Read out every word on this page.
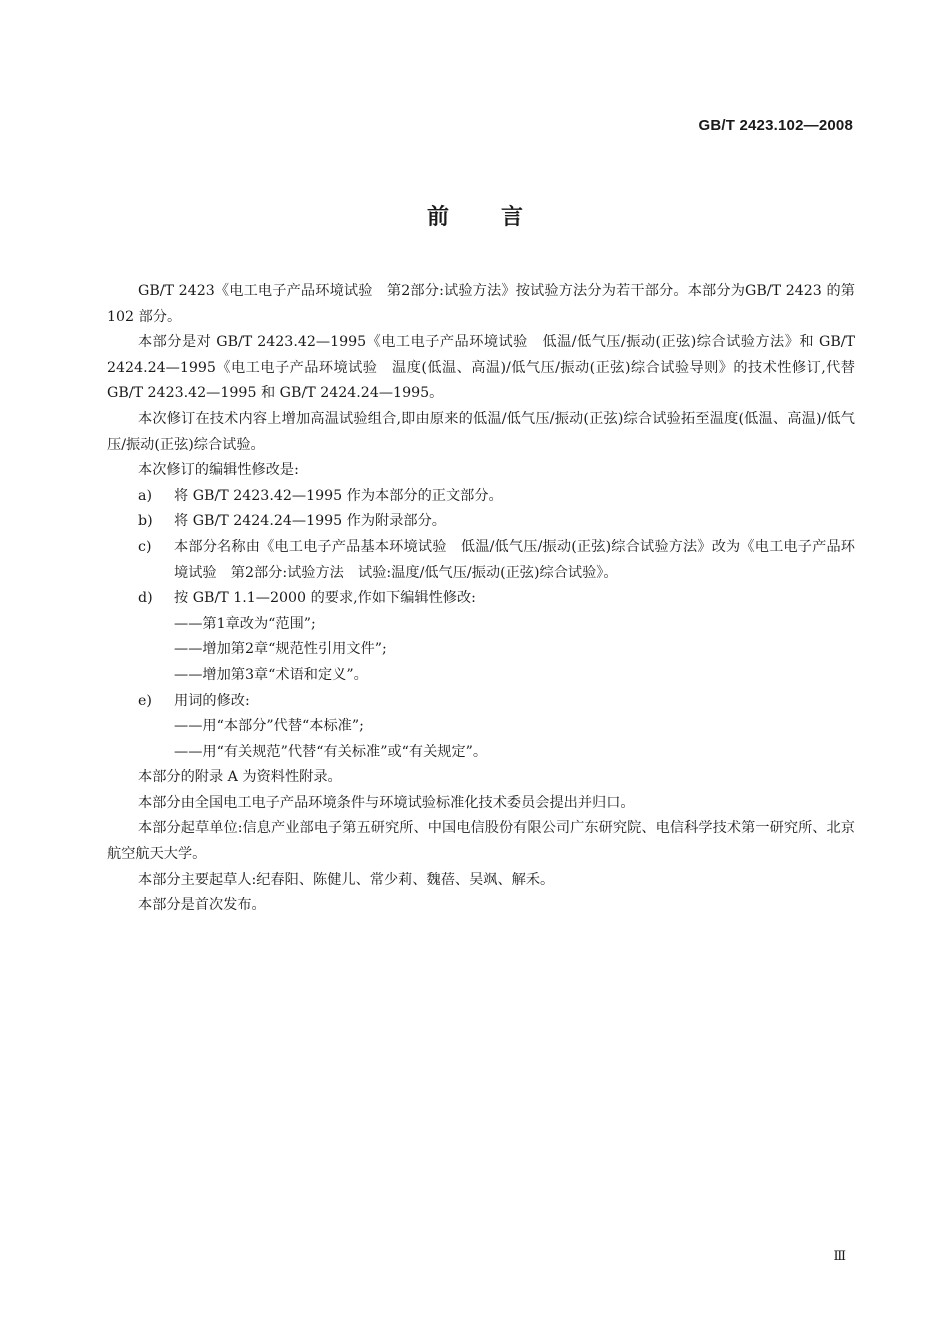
GB/T 2423.102—2008
前 言

GB/T 2423《电工电子产品环境试验　第2部分:试验方法》按试验方法分为若干部分。本部分为GB/T 2423 的第102 部分。

本部分是对 GB/T 2423.42—1995《电工电子产品环境试验　低温/低气压/振动(正弦)综合试验方法》和 GB/T 2424.24—1995《电工电子产品环境试验　温度(低温、高温)/低气压/振动(正弦)综合试验导则》的技术性修订,代替 GB/T 2423.42—1995 和 GB/T 2424.24—1995。

本次修订在技术内容上增加高温试验组合,即由原来的低温/低气压/振动(正弦)综合试验拓至温度(低温、高温)/低气压/振动(正弦)综合试验。

本次修订的编辑性修改是:

a) 将 GB/T 2423.42—1995 作为本部分的正文部分。
b) 将 GB/T 2424.24—1995 作为附录部分。
c) 本部分名称由《电工电子产品基本环境试验　低温/低气压/振动(正弦)综合试验方法》改为《电工电子产品环境试验　第2部分:试验方法　试验:温度/低气压/振动(正弦)综合试验》。
d) 按 GB/T 1.1—2000 的要求,作如下编辑性修改:

——第1章改为“范围”;

——增加第2章“规范性引用文件”;

——增加第3章“术语和定义”。

e) 用词的修改:

——用“本部分”代替“本标准”;

——用“有关规范”代替“有关标准”或“有关规定”。

本部分的附录 A 为资料性附录。

本部分由全国电工电子产品环境条件与环境试验标准化技术委员会提出并归口。

本部分起草单位:信息产业部电子第五研究所、中国电信股份有限公司广东研究院、电信科学技术第一研究所、北京航空航天大学。

本部分主要起草人:纪春阳、陈健儿、常少莉、魏蓓、吴飒、解禾。

本部分是首次发布。

Ⅲ
